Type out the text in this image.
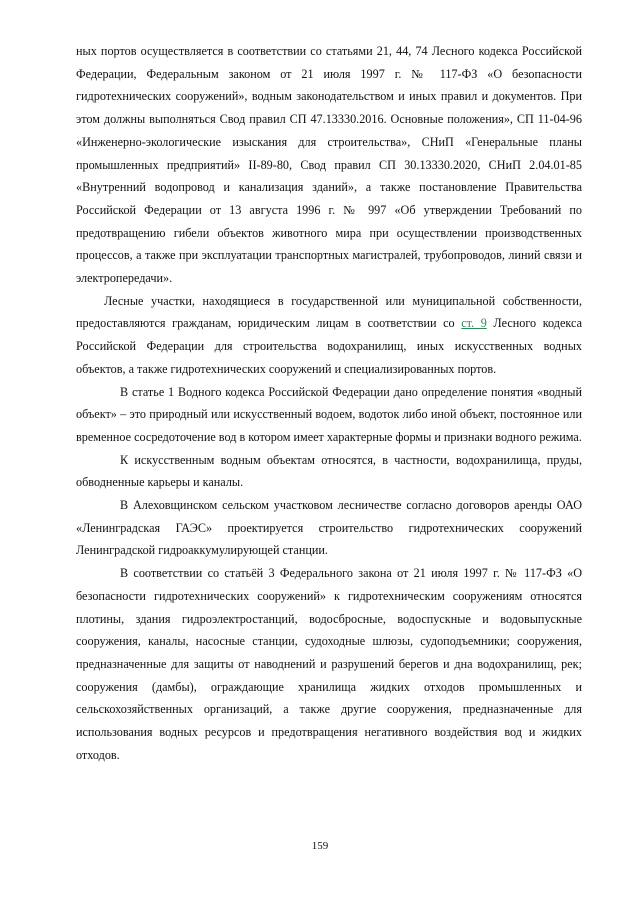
ных портов осуществляется в соответствии со статьями 21, 44, 74 Лесного кодекса Российской Федерации, Федеральным законом от 21 июля 1997 г. № 117-ФЗ «О безопасности гидротехнических сооружений», водным законодательством и иных правил и документов. При этом должны выполняться Свод правил СП 47.13330.2016. Основные положения», СП 11-04-96 «Инженерно-экологические изыскания для строительства», СНиП «Генеральные планы промышленных предприятий» II-89-80, Свод правил СП 30.13330.2020, СНиП 2.04.01-85 «Внутренний водопровод и канализация зданий», а также постановление Правительства Российской Федерации от 13 августа 1996 г. № 997 «Об утверждении Требований по предотвращению гибели объектов животного мира при осуществлении производственных процессов, а также при эксплуатации транспортных магистралей, трубопроводов, линий связи и электропередачи».

Лесные участки, находящиеся в государственной или муниципальной собственности, предоставляются гражданам, юридическим лицам в соответствии со ст. 9 Лесного кодекса Российской Федерации для строительства водохранилищ, иных искусственных водных объектов, а также гидротехнических сооружений и специализированных портов.

В статье 1 Водного кодекса Российской Федерации дано определение понятия «водный объект» – это природный или искусственный водоем, водоток либо иной объект, постоянное или временное сосредоточение вод в котором имеет характерные формы и признаки водного режима.

К искусственным водным объектам относятся, в частности, водохранилища, пруды, обводненные карьеры и каналы.

В Алеховщинском сельском участковом лесничестве согласно договоров аренды ОАО «Ленинградская ГАЭС» проектируется строительство гидротехнических сооружений Ленинградской гидроаккумулирующей станции.

В соответствии со статьёй 3 Федерального закона от 21 июля 1997 г. № 117-ФЗ «О безопасности гидротехнических сооружений» к гидротехническим сооружениям относятся плотины, здания гидроэлектростанций, водосбросные, водоспускные и водовыпускные сооружения, каналы, насосные станции, судоходные шлюзы, судоподъемники; сооружения, предназначенные для защиты от наводнений и разрушений берегов и дна водохранилищ, рек; сооружения (дамбы), ограждающие хранилища жидких отходов промышленных и сельскохозяйственных организаций, а также другие сооружения, предназначенные для использования водных ресурсов и предотвращения негативного воздействия вод и жидких отходов.

159
